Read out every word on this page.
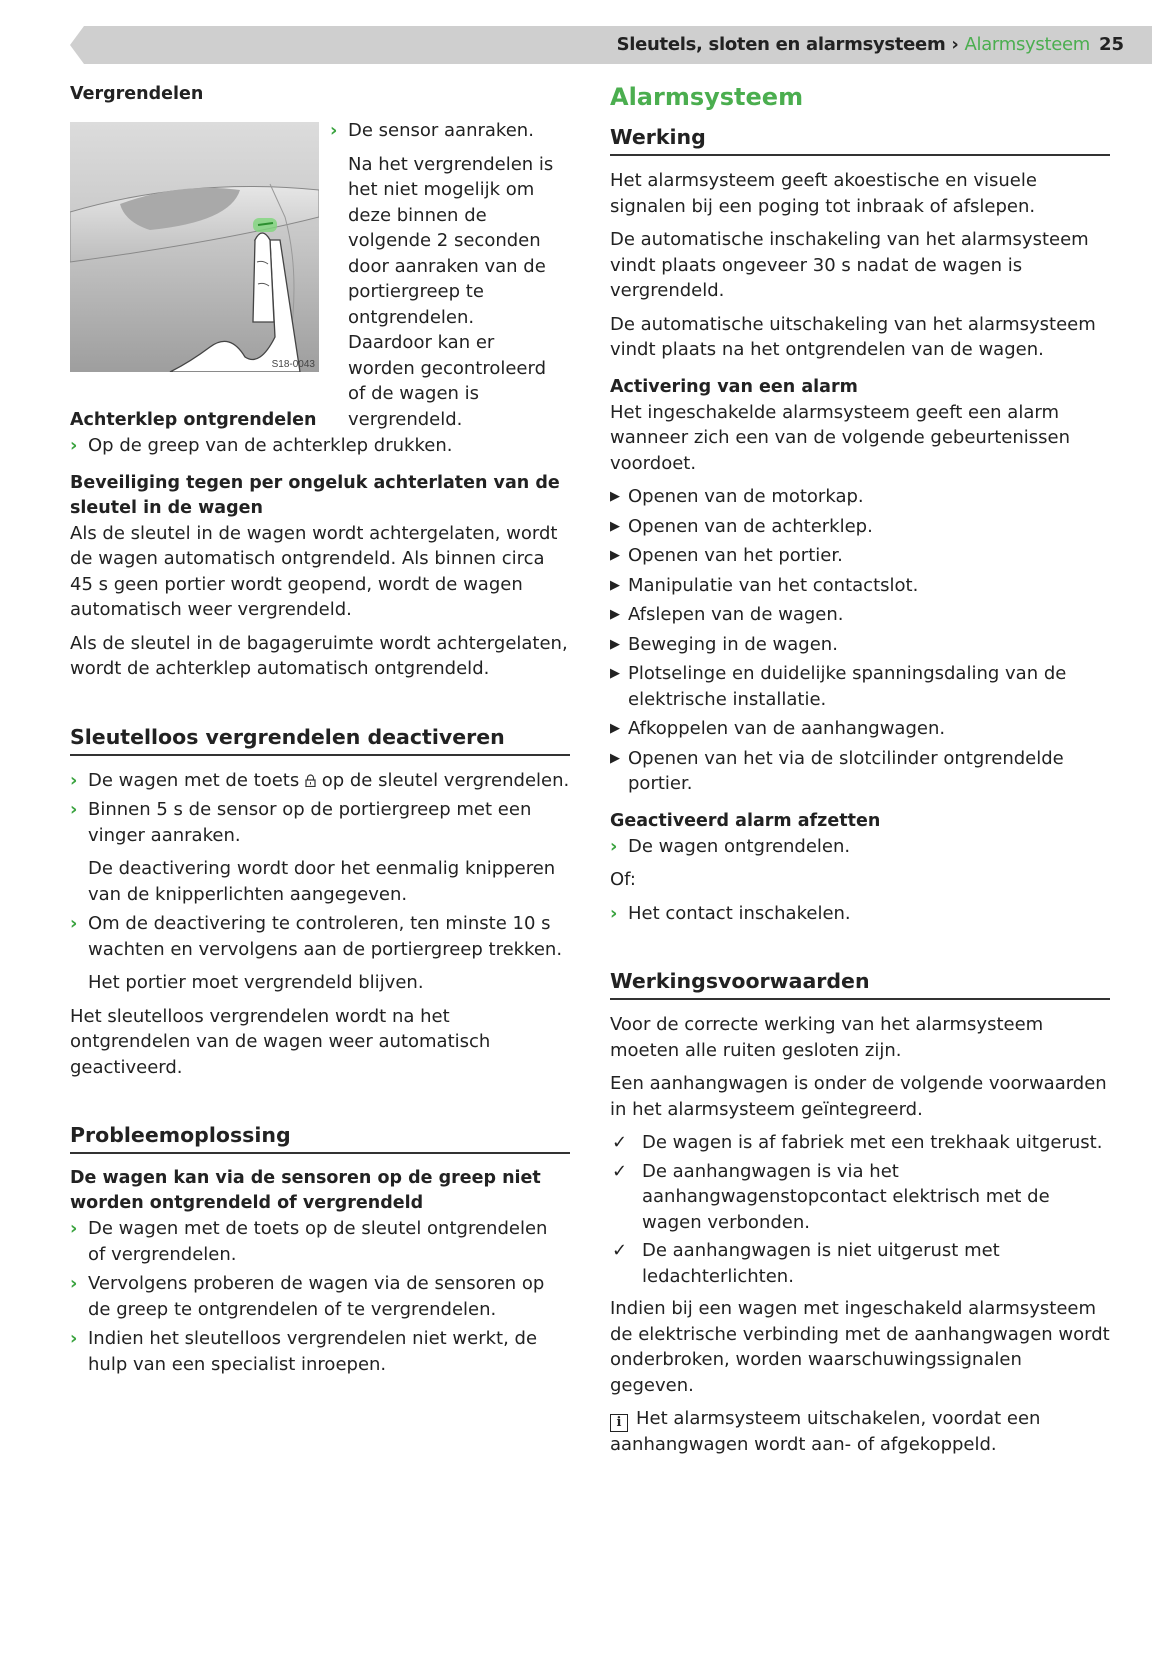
Sleutels, sloten en alarmsysteem › Alarmsysteem 25

Vergrendelen

S18-0043

› De sensor aanraken.

Na het vergrendelen is het niet mogelijk om deze binnen de volgende 2 seconden door aanraken van de portiergreep te ontgrendelen. Daardoor kan er worden gecontroleerd of de wagen is vergrendeld.

Achterklep ontgrendelen

› Op de greep van de achterklep drukken.

Beveiliging tegen per ongeluk achterlaten van de sleutel in de wagen

Als de sleutel in de wagen wordt achtergelaten, wordt de wagen automatisch ontgrendeld. Als binnen circa 45 s geen portier wordt geopend, wordt de wagen automatisch weer vergrendeld.

Als de sleutel in de bagageruimte wordt achtergelaten, wordt de achterklep automatisch ontgrendeld.

Sleutelloos vergrendelen deactiveren

› De wagen met de toets op de sleutel vergrendelen.

› Binnen 5 s de sensor op de portiergreep met een vinger aanraken.

De deactivering wordt door het eenmalig knipperen van de knipperlichten aangegeven.

› Om de deactivering te controleren, ten minste 10 s wachten en vervolgens aan de portiergreep trekken.

Het portier moet vergrendeld blijven.

Het sleutelloos vergrendelen wordt na het ontgrendelen van de wagen weer automatisch geactiveerd.

Probleemoplossing

De wagen kan via de sensoren op de greep niet worden ontgrendeld of vergrendeld

› De wagen met de toets op de sleutel ontgrendelen of vergrendelen.

› Vervolgens proberen de wagen via de sensoren op de greep te ontgrendelen of te vergrendelen.

› Indien het sleutelloos vergrendelen niet werkt, de hulp van een specialist inroepen.

Alarmsysteem

Werking

Het alarmsysteem geeft akoestische en visuele signalen bij een poging tot inbraak of afslepen.

De automatische inschakeling van het alarmsysteem vindt plaats ongeveer 30 s nadat de wagen is vergrendeld.

De automatische uitschakeling van het alarmsysteem vindt plaats na het ontgrendelen van de wagen.

Activering van een alarm

Het ingeschakelde alarmsysteem geeft een alarm wanneer zich een van de volgende gebeurtenissen voordoet.

▶ Openen van de motorkap.

▶ Openen van de achterklep.

▶ Openen van het portier.

▶ Manipulatie van het contactslot.

▶ Afslepen van de wagen.

▶ Beweging in de wagen.

▶ Plotselinge en duidelijke spanningsdaling van de elektrische installatie.

▶ Afkoppelen van de aanhangwagen.

▶ Openen van het via de slotcilinder ontgrendelde portier.

Geactiveerd alarm afzetten

› De wagen ontgrendelen.

Of:

› Het contact inschakelen.

Werkingsvoorwaarden

Voor de correcte werking van het alarmsysteem moeten alle ruiten gesloten zijn.

Een aanhangwagen is onder de volgende voorwaarden in het alarmsysteem geïntegreerd.

✓ De wagen is af fabriek met een trekhaak uitgerust.

✓ De aanhangwagen is via het aanhangwagenstopcontact elektrisch met de wagen verbonden.

✓ De aanhangwagen is niet uitgerust met ledachterlichten.

Indien bij een wagen met ingeschakeld alarmsysteem de elektrische verbinding met de aanhangwagen wordt onderbroken, worden waarschuwingssignalen gegeven.

i Het alarmsysteem uitschakelen, voordat een aanhangwagen wordt aan- of afgekoppeld.
